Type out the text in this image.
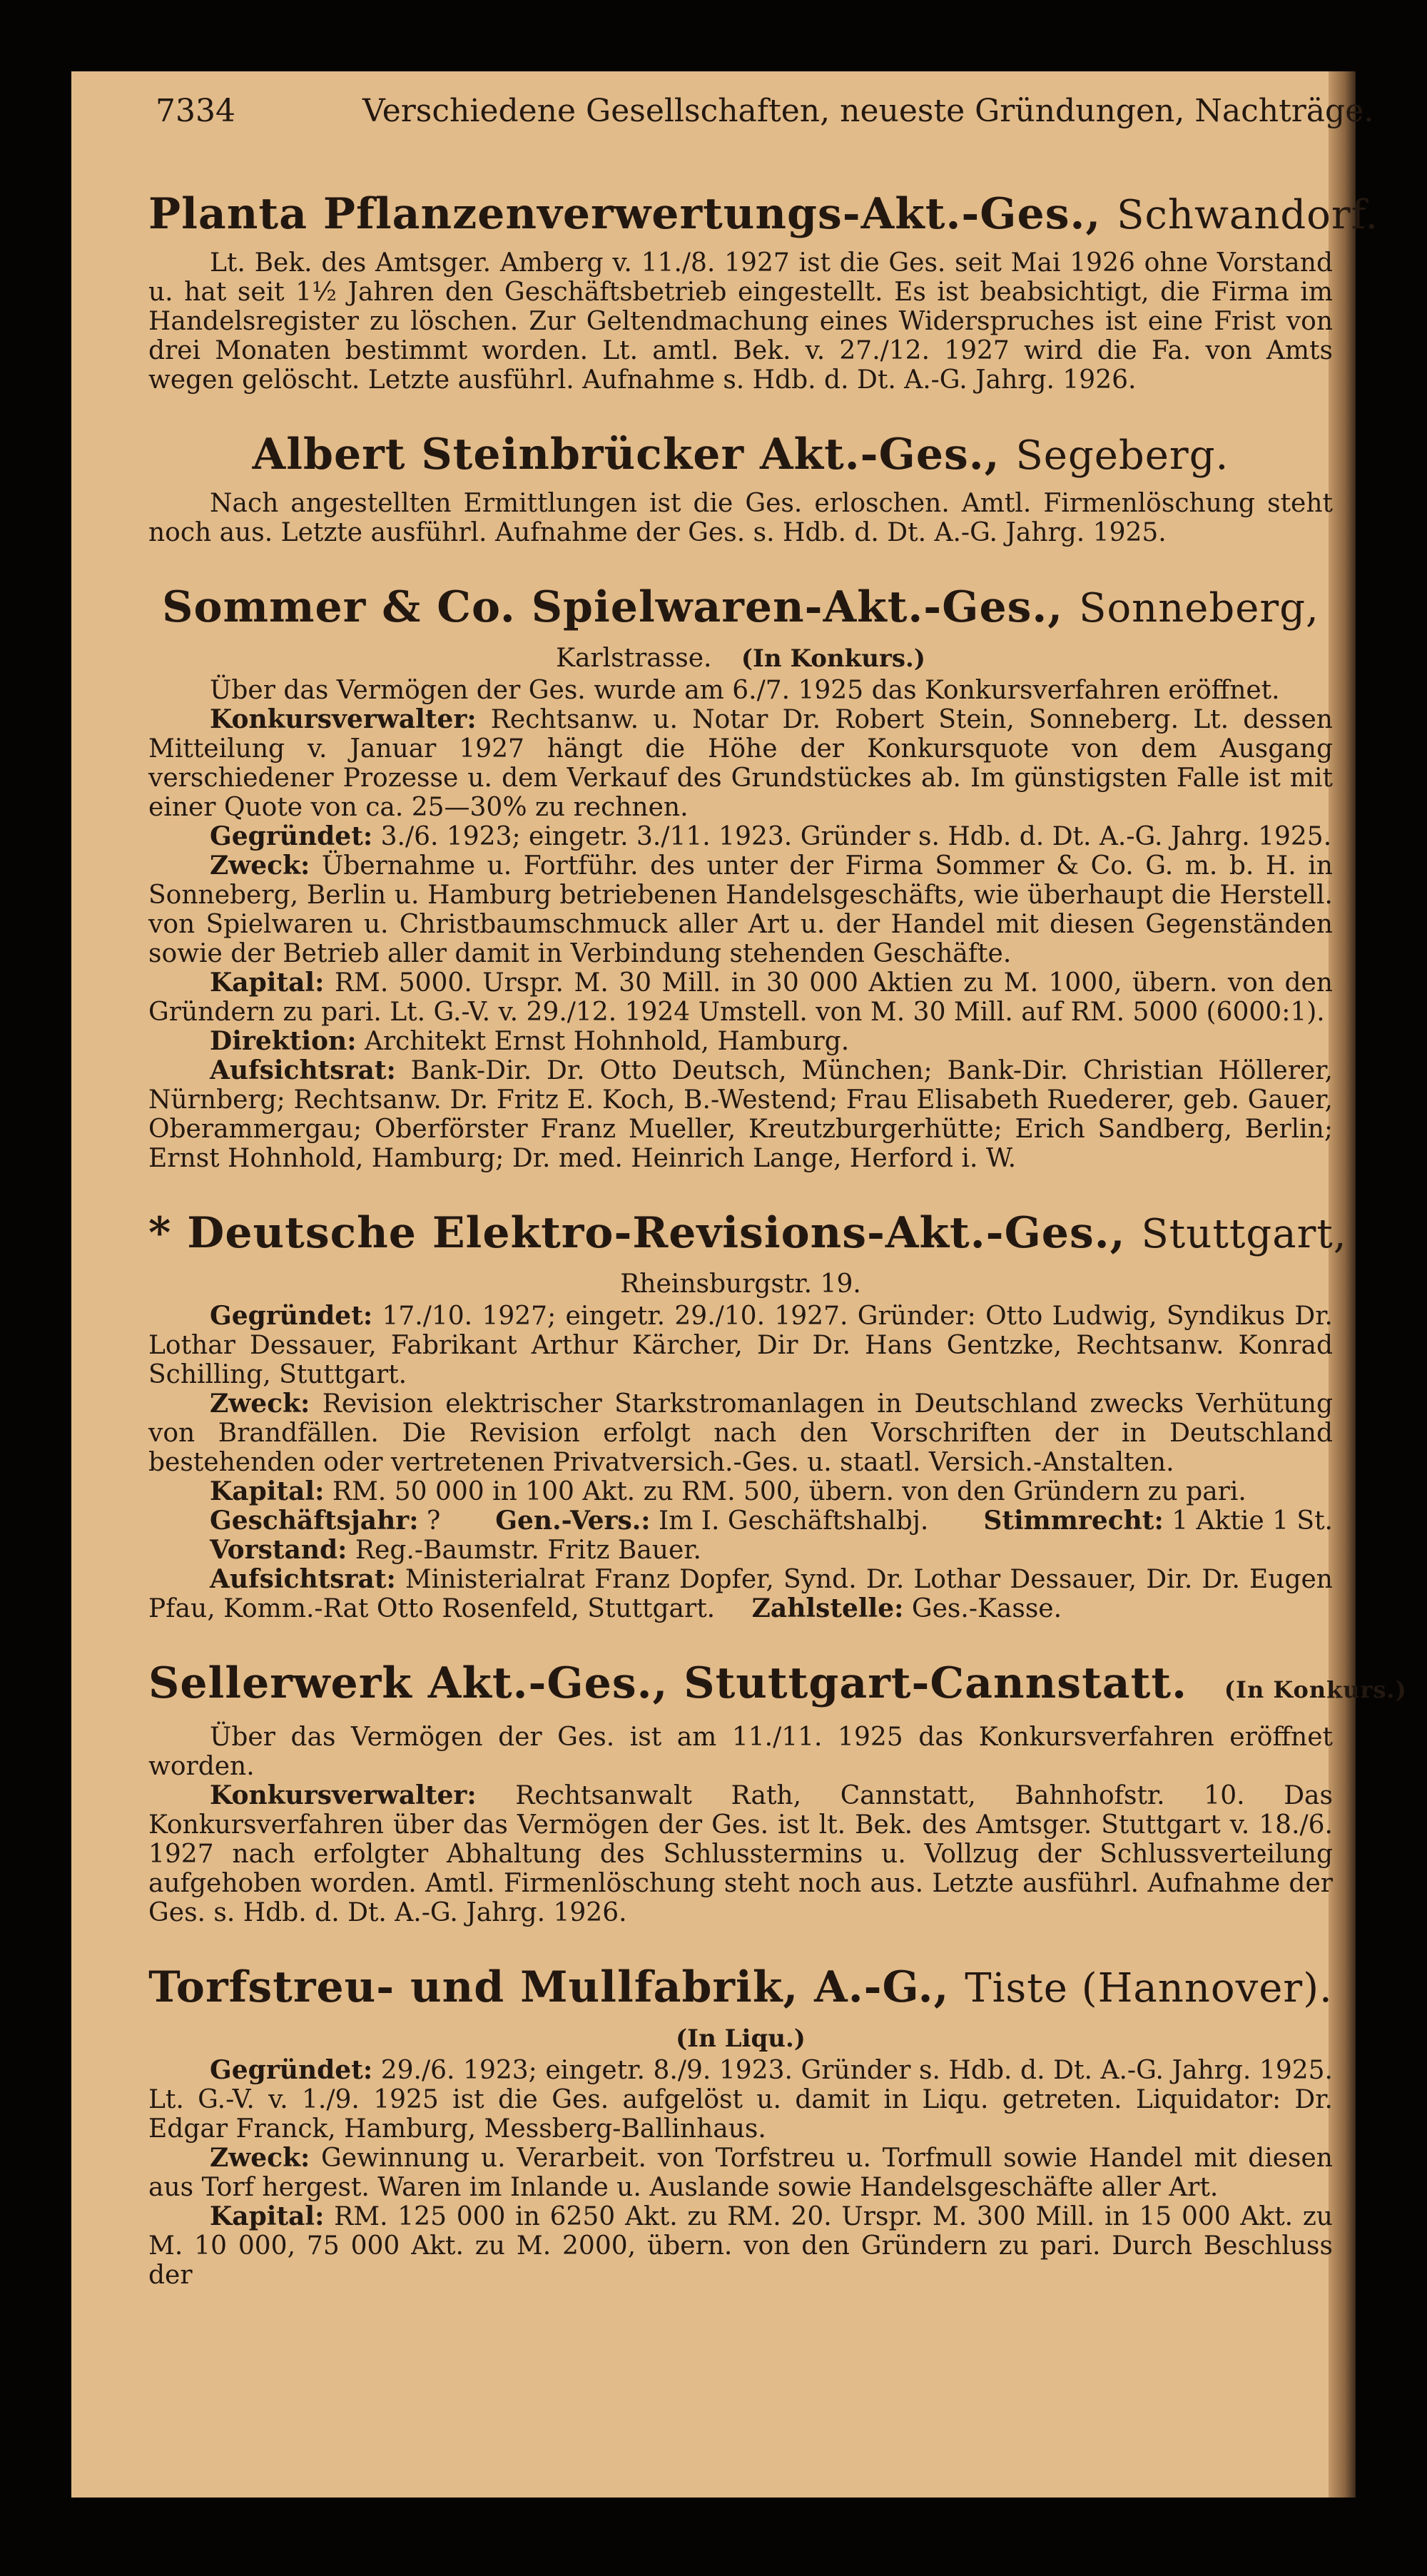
7334	Verschiedene Gesellschaften, neueste Gründungen, Nachträge.
Planta Pflanzenverwertungs-Akt.-Ges., Schwandorf.

Lt. Bek. des Amtsger. Amberg v. 11./8. 1927 ist die Ges. seit Mai 1926 ohne Vorstand u. hat seit 1½ Jahren den Geschäftsbetrieb eingestellt. Es ist beabsichtigt, die Firma im Handelsregister zu löschen. Zur Geltendmachung eines Widerspruches ist eine Frist von drei Monaten bestimmt worden. Lt. amtl. Bek. v. 27./12. 1927 wird die Fa. von Amts wegen gelöscht. Letzte ausführl. Aufnahme s. Hdb. d. Dt. A.-G. Jahrg. 1926.

Albert Steinbrücker Akt.-Ges., Segeberg.

Nach angestellten Ermittlungen ist die Ges. erloschen. Amtl. Firmenlöschung steht noch aus. Letzte ausführl. Aufnahme der Ges. s. Hdb. d. Dt. A.-G. Jahrg. 1925.

Sommer & Co. Spielwaren-Akt.-Ges., Sonneberg,
Karlstrasse. (In Konkurs.)

Über das Vermögen der Ges. wurde am 6./7. 1925 das Konkursverfahren eröffnet.

Konkursverwalter: Rechtsanw. u. Notar Dr. Robert Stein, Sonneberg. Lt. dessen Mitteilung v. Januar 1927 hängt die Höhe der Konkursquote von dem Ausgang verschiedener Prozesse u. dem Verkauf des Grundstückes ab. Im günstigsten Falle ist mit einer Quote von ca. 25—30% zu rechnen.

Gegründet: 3./6. 1923; eingetr. 3./11. 1923. Gründer s. Hdb. d. Dt. A.-G. Jahrg. 1925.

Zweck: Übernahme u. Fortführ. des unter der Firma Sommer & Co. G. m. b. H. in Sonneberg, Berlin u. Hamburg betriebenen Handelsgeschäfts, wie überhaupt die Herstell. von Spielwaren u. Christbaumschmuck aller Art u. der Handel mit diesen Gegenständen sowie der Betrieb aller damit in Verbindung stehenden Geschäfte.

Kapital: RM. 5000. Urspr. M. 30 Mill. in 30 000 Aktien zu M. 1000, übern. von den Gründern zu pari. Lt. G.-V. v. 29./12. 1924 Umstell. von M. 30 Mill. auf RM. 5000 (6000:1).

Direktion: Architekt Ernst Hohnhold, Hamburg.

Aufsichtsrat: Bank-Dir. Dr. Otto Deutsch, München; Bank-Dir. Christian Höllerer, Nürnberg; Rechtsanw. Dr. Fritz E. Koch, B.-Westend; Frau Elisabeth Ruederer, geb. Gauer, Oberammergau; Oberförster Franz Mueller, Kreutzburgerhütte; Erich Sandberg, Berlin; Ernst Hohnhold, Hamburg; Dr. med. Heinrich Lange, Herford i. W.

* Deutsche Elektro-Revisions-Akt.-Ges., Stuttgart,
Rheinsburgstr. 19.

Gegründet: 17./10. 1927; eingetr. 29./10. 1927. Gründer: Otto Ludwig, Syndikus Dr. Lothar Dessauer, Fabrikant Arthur Kärcher, Dir Dr. Hans Gentzke, Rechtsanw. Konrad Schilling, Stuttgart.

Zweck: Revision elektrischer Starkstromanlagen in Deutschland zwecks Verhütung von Brandfällen. Die Revision erfolgt nach den Vorschriften der in Deutschland bestehenden oder vertretenen Privatversich.-Ges. u. staatl. Versich.-Anstalten.

Kapital: RM. 50 000 in 100 Akt. zu RM. 500, übern. von den Gründern zu pari.

Geschäftsjahr: ? Gen.-Vers.: Im I. Geschäftshalbj. Stimmrecht: 1 Aktie 1 St.

Vorstand: Reg.-Baumstr. Fritz Bauer.

Aufsichtsrat: Ministerialrat Franz Dopfer, Synd. Dr. Lothar Dessauer, Dir. Dr. Eugen Pfau, Komm.-Rat Otto Rosenfeld, Stuttgart. Zahlstelle: Ges.-Kasse.

Sellerwerk Akt.-Ges., Stuttgart-Cannstatt. (In Konkurs.)

Über das Vermögen der Ges. ist am 11./11. 1925 das Konkursverfahren eröffnet worden.

Konkursverwalter: Rechtsanwalt Rath, Cannstatt, Bahnhofstr. 10. Das Konkursverfahren über das Vermögen der Ges. ist lt. Bek. des Amtsger. Stuttgart v. 18./6. 1927 nach erfolgter Abhaltung des Schlusstermins u. Vollzug der Schlussverteilung aufgehoben worden. Amtl. Firmenlöschung steht noch aus. Letzte ausführl. Aufnahme der Ges. s. Hdb. d. Dt. A.-G. Jahrg. 1926.

Torfstreu- und Mullfabrik, A.-G., Tiste (Hannover).
(In Liqu.)

Gegründet: 29./6. 1923; eingetr. 8./9. 1923. Gründer s. Hdb. d. Dt. A.-G. Jahrg. 1925. Lt. G.-V. v. 1./9. 1925 ist die Ges. aufgelöst u. damit in Liqu. getreten. Liquidator: Dr. Edgar Franck, Hamburg, Messberg-Ballinhaus.

Zweck: Gewinnung u. Verarbeit. von Torfstreu u. Torfmull sowie Handel mit diesen aus Torf hergest. Waren im Inlande u. Auslande sowie Handelsgeschäfte aller Art.

Kapital: RM. 125 000 in 6250 Akt. zu RM. 20. Urspr. M. 300 Mill. in 15 000 Akt. zu M. 10 000, 75 000 Akt. zu M. 2000, übern. von den Gründern zu pari. Durch Beschluss der
